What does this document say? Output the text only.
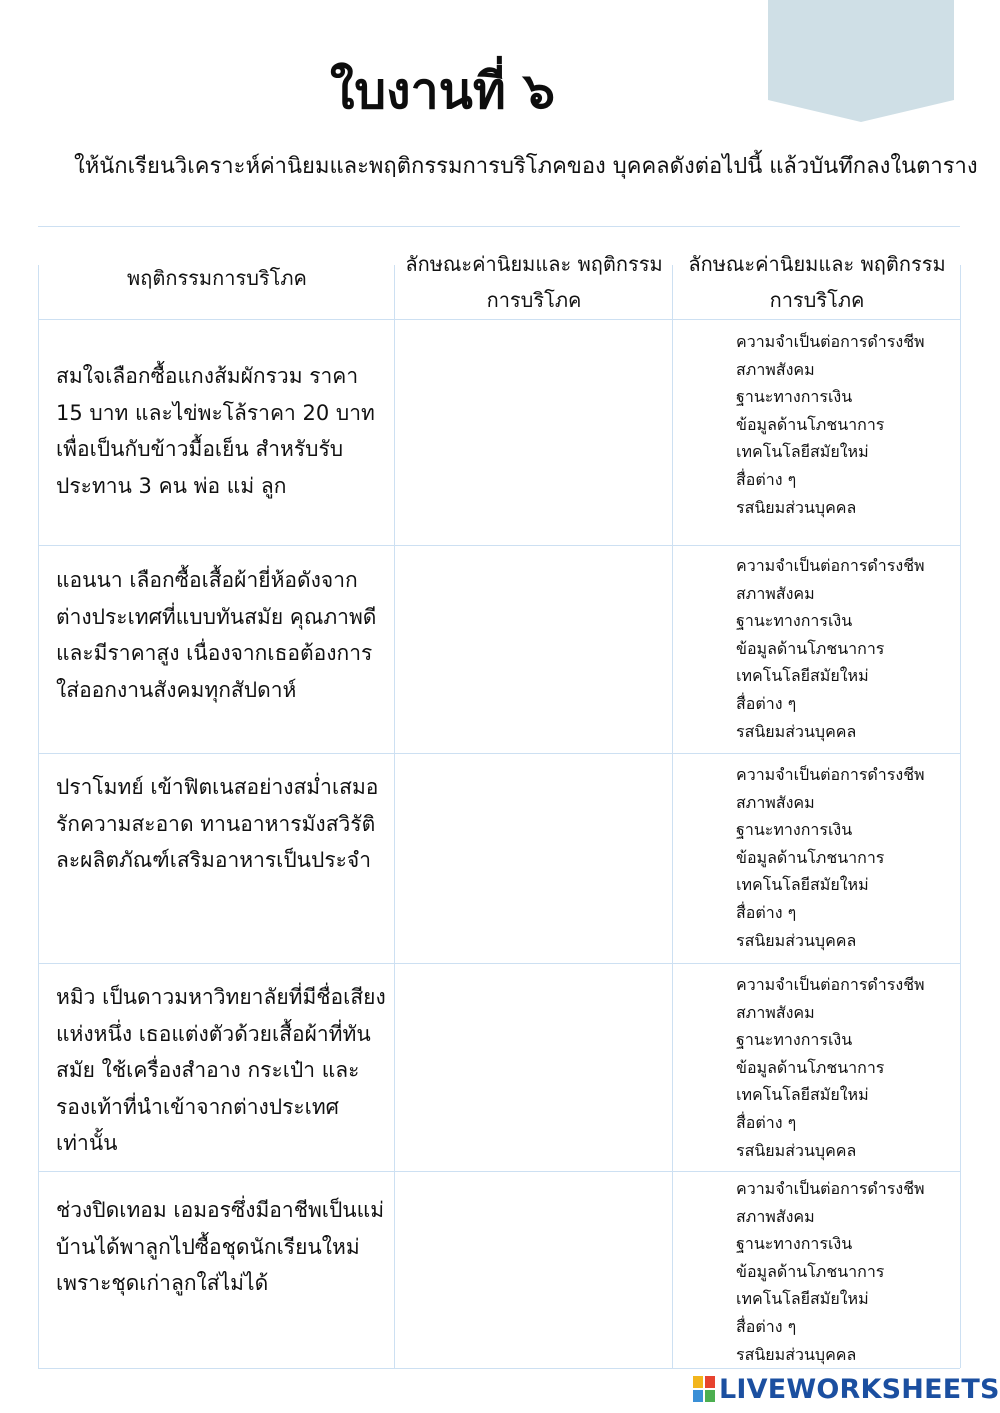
ใบงานที่ ๖
ให้นักเรียนวิเคราะห์ค่านิยมและพฤติกรรมการบริโภคของ บุคคลดังต่อไปนี้ แล้วบันทึกลงในตาราง
พฤติกรรมการบริโภค
ลักษณะค่านิยมและ พฤติกรรมการบริโภค
ลักษณะค่านิยมและ พฤติกรรมการบริโภค
สมใจเลือกซื้อแกงส้มผักรวม ราคา 15 บาท และไข่พะโล้ราคา 20 บาท เพื่อเป็นกับข้าวมื้อเย็น สำหรับรับประทาน 3 คน พ่อ แม่ ลูก
ความจำเป็นต่อการดำรงชีพ
สภาพสังคม
ฐานะทางการเงิน
ข้อมูลด้านโภชนาการ
เทคโนโลยีสมัยใหม่
สื่อต่าง ๆ
รสนิยมส่วนบุคคล
แอนนา เลือกซื้อเสื้อผ้ายี่ห้อดังจากต่างประเทศที่แบบทันสมัย คุณภาพดี และมีราคาสูง เนื่องจากเธอต้องการใส่ออกงานสังคมทุกสัปดาห์
ความจำเป็นต่อการดำรงชีพ
สภาพสังคม
ฐานะทางการเงิน
ข้อมูลด้านโภชนาการ
เทคโนโลยีสมัยใหม่
สื่อต่าง ๆ
รสนิยมส่วนบุคคล
ปราโมทย์ เข้าฟิตเนสอย่างสม่ำเสมอ รักความสะอาด ทานอาหารมังสวิรัติ ละผลิตภัณฑ์เสริมอาหารเป็นประจำ
ความจำเป็นต่อการดำรงชีพ
สภาพสังคม
ฐานะทางการเงิน
ข้อมูลด้านโภชนาการ
เทคโนโลยีสมัยใหม่
สื่อต่าง ๆ
รสนิยมส่วนบุคคล
หมิว เป็นดาวมหาวิทยาลัยที่มีชื่อเสียงแห่งหนึ่ง เธอแต่งตัวด้วยเสื้อผ้าที่ทันสมัย ใช้เครื่องสำอาง กระเป๋า และรองเท้าที่นำเข้าจากต่างประเทศเท่านั้น
ความจำเป็นต่อการดำรงชีพ
สภาพสังคม
ฐานะทางการเงิน
ข้อมูลด้านโภชนาการ
เทคโนโลยีสมัยใหม่
สื่อต่าง ๆ
รสนิยมส่วนบุคคล
ช่วงปิดเทอม เอมอรซึ่งมีอาชีพเป็นแม่บ้านได้พาลูกไปซื้อชุดนักเรียนใหม่ เพราะชุดเก่าลูกใส่ไม่ได้
ความจำเป็นต่อการดำรงชีพ
สภาพสังคม
ฐานะทางการเงิน
ข้อมูลด้านโภชนาการ
เทคโนโลยีสมัยใหม่
สื่อต่าง ๆ
รสนิยมส่วนบุคคล
LIVEWORKSHEETS
